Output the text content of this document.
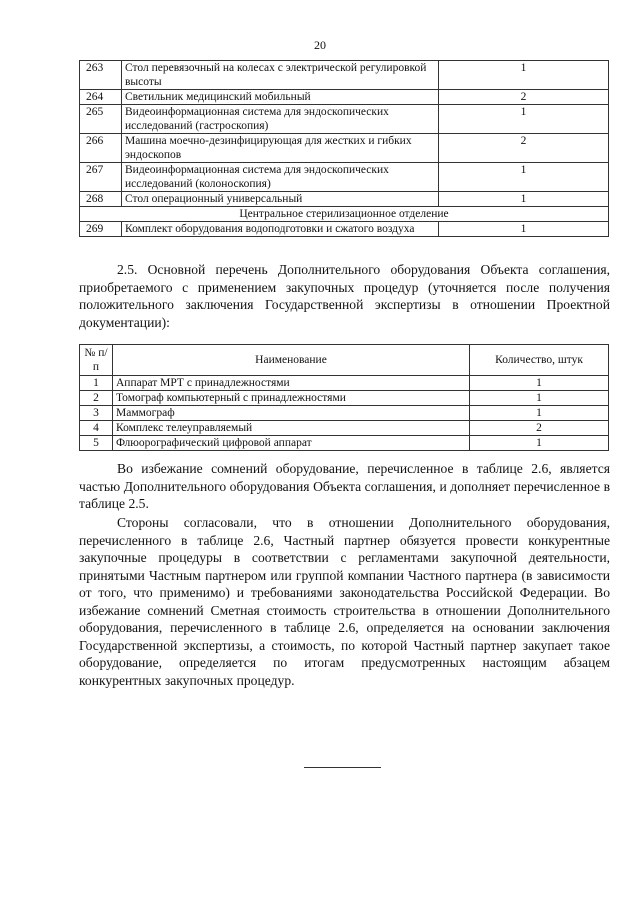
20
263	Стол перевязочный на колесах с электрической регулировкой высоты	1
264	Светильник медицинский мобильный	2
265	Видеоинформационная система для эндоскопических исследований (гастроскопия)	1
266	Машина моечно-дезинфицирующая для жестких и гибких эндоскопов	2
267	Видеоинформационная система для эндоскопических исследований (колоноскопия)	1
268	Стол операционный универсальный	1
Центральное стерилизационное отделение		
269	Комплект оборудования водоподготовки и сжатого воздуха	1

2.5. Основной перечень Дополнительного оборудования Объекта соглашения, приобретаемого с применением закупочных процедур (уточняется после получения положительного заключения Государственной экспертизы в отношении Проектной документации):

№ п/п	Наименование	Количество, штук
1	Аппарат МРТ с принадлежностями	1
2	Томограф компьютерный с принадлежностями	1
3	Маммограф	1
4	Комплекс телеуправляемый	2
5	Флюорографический цифровой аппарат	1

Во избежание сомнений оборудование, перечисленное в таблице 2.6, является частью Дополнительного оборудования Объекта соглашения, и дополняет перечисленное в таблице 2.5.

Стороны согласовали, что в отношении Дополнительного оборудования, перечисленного в таблице 2.6, Частный партнер обязуется провести конкурентные закупочные процедуры в соответствии с регламентами закупочной деятельности, принятыми Частным партнером или группой компании Частного партнера (в зависимости от того, что применимо) и требованиями законодательства Российской Федерации. Во избежание сомнений Сметная стоимость строительства в отношении Дополнительного оборудования, перечисленного в таблице 2.6, определяется на основании заключения Государственной экспертизы, а стоимость, по которой Частный партнер закупает такое оборудование, определяется по итогам предусмотренных настоящим абзацем конкурентных закупочных процедур.
